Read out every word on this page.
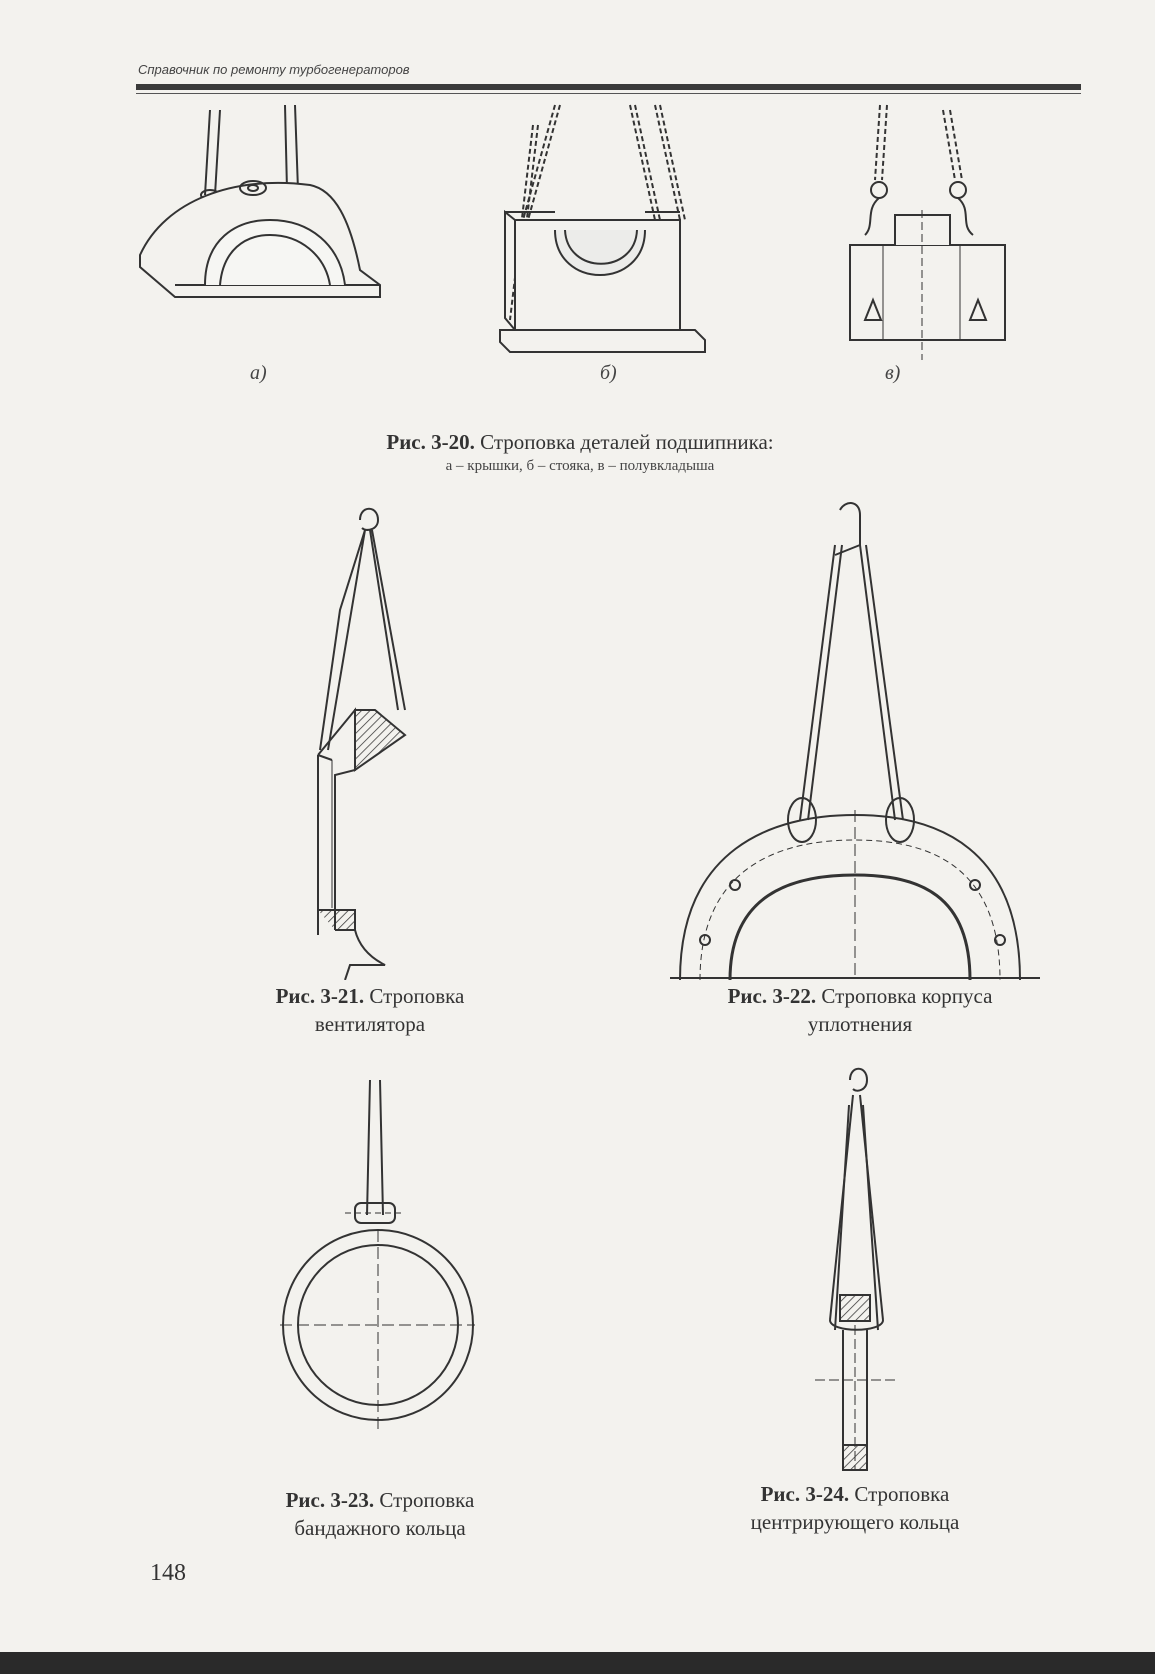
Справочник по ремонту турбогенераторов
а)	б)	в)
Рис. 3-20. Строповка деталей подшипника:
а – крышки, б – стояка, в – полувкладыша
Рис. 3-21. Строповка
вентилятора
Рис. 3-22. Строповка корпуса
уплотнения
Рис. 3-23. Строповка
бандажного кольца
Рис. 3-24. Строповка
центрирующего кольца
148
